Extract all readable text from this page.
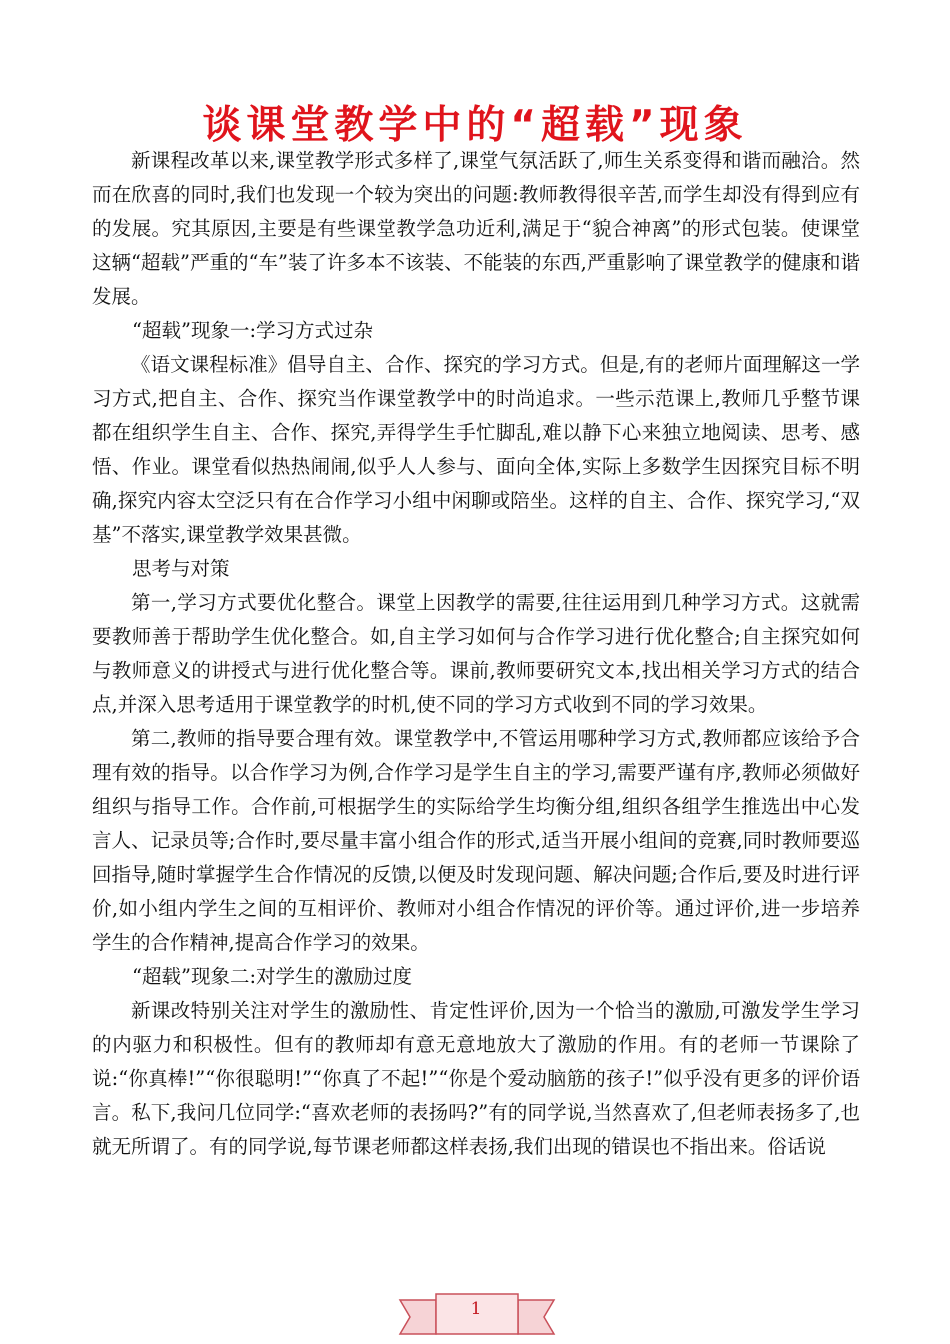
谈课堂教学中的“超载”现象

新课程改革以来,课堂教学形式多样了,课堂气氛活跃了,师生关系变得和谐而融洽。然而在欣喜的同时,我们也发现一个较为突出的问题:教师教得很辛苦,而学生却没有得到应有的发展。究其原因,主要是有些课堂教学急功近利,满足于“貌合神离”的形式包装。使课堂这辆“超载”严重的“车”装了许多本不该装、不能装的东西,严重影响了课堂教学的健康和谐发展。

“超载”现象一:学习方式过杂

《语文课程标准》倡导自主、合作、探究的学习方式。但是,有的老师片面理解这一学习方式,把自主、合作、探究当作课堂教学中的时尚追求。一些示范课上,教师几乎整节课都在组织学生自主、合作、探究,弄得学生手忙脚乱,难以静下心来独立地阅读、思考、感悟、作业。课堂看似热热闹闹,似乎人人参与、面向全体,实际上多数学生因探究目标不明确,探究内容太空泛只有在合作学习小组中闲聊或陪坐。这样的自主、合作、探究学习,“双基”不落实,课堂教学效果甚微。

思考与对策

第一,学习方式要优化整合。课堂上因教学的需要,往往运用到几种学习方式。这就需要教师善于帮助学生优化整合。如,自主学习如何与合作学习进行优化整合;自主探究如何与教师意义的讲授式与进行优化整合等。课前,教师要研究文本,找出相关学习方式的结合点,并深入思考适用于课堂教学的时机,使不同的学习方式收到不同的学习效果。

第二,教师的指导要合理有效。课堂教学中,不管运用哪种学习方式,教师都应该给予合理有效的指导。以合作学习为例,合作学习是学生自主的学习,需要严谨有序,教师必须做好组织与指导工作。合作前,可根据学生的实际给学生均衡分组,组织各组学生推选出中心发言人、记录员等;合作时,要尽量丰富小组合作的形式,适当开展小组间的竞赛,同时教师要巡回指导,随时掌握学生合作情况的反馈,以便及时发现问题、解决问题;合作后,要及时进行评价,如小组内学生之间的互相评价、教师对小组合作情况的评价等。通过评价,进一步培养学生的合作精神,提高合作学习的效果。

“超载”现象二:对学生的激励过度

新课改特别关注对学生的激励性、肯定性评价,因为一个恰当的激励,可激发学生学习的内驱力和积极性。但有的教师却有意无意地放大了激励的作用。有的老师一节课除了说:“你真棒!”“你很聪明!”“你真了不起!”“你是个爱动脑筋的孩子!”似乎没有更多的评价语言。私下,我问几位同学:“喜欢老师的表扬吗?”有的同学说,当然喜欢了,但老师表扬多了,也就无所谓了。有的同学说,每节课老师都这样表扬,我们出现的错误也不指出来。俗话说

1
